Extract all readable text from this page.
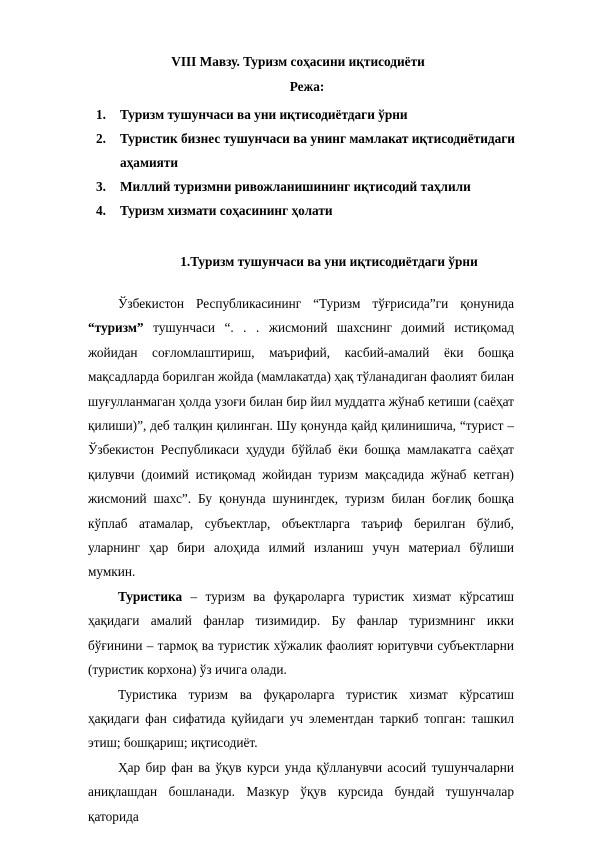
VIII Мавзу. Туризм соҳасини иқтисодиёти
Режа:
1. Туризм тушунчаси ва уни иқтисодиётдаги ўрни
2. Туристик бизнес тушунчаси ва унинг мамлакат иқтисодиётидаги аҳамияти
3. Миллий туризмни ривожланишининг иқтисодий таҳлили
4. Туризм хизмати соҳасининг ҳолати
1.Туризм тушунчаси ва уни иқтисодиётдаги ўрни

Ўзбекистон Республикасининг “Туризм тўғрисида”ги қонунида “туризм” тушунчаси “. . . жисмоний шахснинг доимий истиқомад жойидан соғломлаштириш, маърифий, касбий-амалий ёки бошқа мақсадларда борилган жойда (мамлакатда) ҳақ тўланадиган фаолият билан шуғулланмаган ҳолда узоғи билан бир йил муддатга жўнаб кетиши (саёҳат қилиши)”, деб талқин қилинган. Шу қонунда қайд қилинишича, “турист – Ўзбекистон Республикаси ҳудуди бўйлаб ёки бошқа мамлакатга саёҳат қилувчи (доимий истиқомад жойидан туризм мақсадида жўнаб кетган) жисмоний шахс”. Бу қонунда шунингдек, туризм билан боғлиқ бошқа кўплаб атамалар, субъектлар, объектларга таъриф берилган бўлиб, уларнинг ҳар бири алоҳида илмий изланиш учун материал бўлиши мумкин.

Туристика – туризм ва фуқароларга туристик хизмат кўрсатиш ҳақидаги амалий фанлар тизимидир. Бу фанлар туризмнинг икки бўғинини – тармоқ ва туристик хўжалик фаолият юритувчи субъектларни (туристик корхона) ўз ичига олади.

Туристика туризм ва фуқароларга туристик хизмат кўрсатиш ҳақидаги фан сифатида қуйидаги уч элементдан таркиб топган: ташкил этиш; бошқариш; иқтисодиёт.

Ҳар бир фан ва ўқув курси унда қўлланувчи асосий тушунчаларни аниқлашдан бошланади. Мазкур ўқув курсида бундай тушунчалар қаторида
